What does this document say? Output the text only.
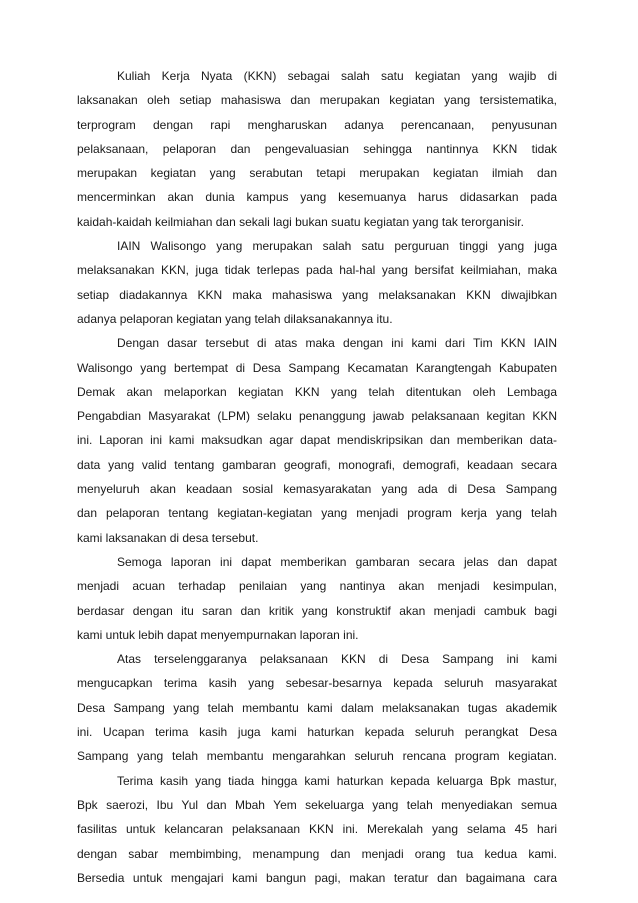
Kuliah Kerja Nyata (KKN) sebagai salah satu kegiatan yang wajib di
laksanakan oleh setiap mahasiswa dan merupakan kegiatan yang tersistematika,
terprogram dengan rapi mengharuskan adanya perencanaan, penyusunan
pelaksanaan, pelaporan dan pengevaluasian sehingga nantinnya KKN tidak
merupakan kegiatan yang serabutan tetapi merupakan kegiatan ilmiah dan
mencerminkan akan dunia kampus yang kesemuanya harus didasarkan pada
kaidah-kaidah keilmiahan dan sekali lagi bukan suatu kegiatan yang tak terorganisir.
IAIN Walisongo yang merupakan salah satu perguruan tinggi yang juga
melaksanakan KKN, juga tidak terlepas pada hal-hal yang bersifat keilmiahan, maka
setiap diadakannya KKN maka mahasiswa yang melaksanakan KKN diwajibkan
adanya pelaporan kegiatan yang telah dilaksanakannya itu.
Dengan dasar tersebut di atas maka dengan ini kami dari Tim KKN IAIN
Walisongo yang bertempat di Desa Sampang Kecamatan Karangtengah Kabupaten
Demak akan melaporkan kegiatan KKN yang telah ditentukan oleh Lembaga
Pengabdian Masyarakat (LPM) selaku penanggung jawab pelaksanaan kegitan KKN
ini. Laporan ini kami maksudkan agar dapat mendiskripsikan dan memberikan data-
data yang valid tentang gambaran geografi, monografi, demografi, keadaan secara
menyeluruh akan keadaan sosial kemasyarakatan yang ada di Desa Sampang
dan pelaporan tentang kegiatan-kegiatan yang menjadi program kerja yang telah
kami laksanakan di desa tersebut.
Semoga laporan ini dapat memberikan gambaran secara jelas dan dapat
menjadi acuan terhadap penilaian yang nantinya akan menjadi kesimpulan,
berdasar dengan itu saran dan kritik yang konstruktif akan menjadi cambuk bagi
kami untuk lebih dapat menyempurnakan laporan ini.
Atas terselenggaranya pelaksanaan KKN di Desa Sampang ini kami
mengucapkan terima kasih yang sebesar-besarnya kepada seluruh masyarakat
Desa Sampang yang telah membantu kami dalam melaksanakan tugas akademik
ini. Ucapan terima kasih juga kami haturkan kepada seluruh perangkat Desa
Sampang yang telah membantu mengarahkan seluruh rencana program kegiatan.
Terima kasih yang tiada hingga kami haturkan kepada keluarga Bpk mastur,
Bpk saerozi, Ibu Yul dan Mbah Yem sekeluarga yang telah menyediakan semua
fasilitas untuk kelancaran pelaksanaan KKN ini. Merekalah yang selama 45 hari
dengan sabar membimbing, menampung dan menjadi orang tua kedua kami.
Bersedia untuk mengajari kami bangun pagi, makan teratur dan bagaimana cara
